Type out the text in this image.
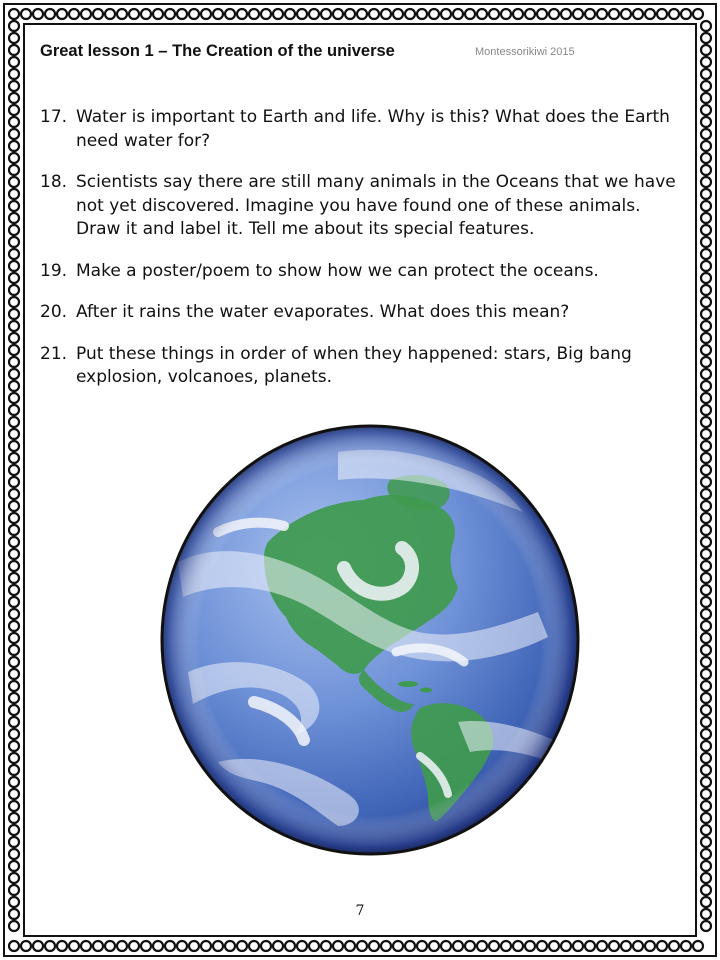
Great lesson 1 – The Creation of the universe	Montessorikiwi 2015
17. Water is important to Earth and life. Why is this? What does the Earth need water for?
18. Scientists say there are still many animals in the Oceans that we have not yet discovered. Imagine you have found one of these animals. Draw it and label it. Tell me about its special features.
19. Make a poster/poem to show how we can protect the oceans.
20. After it rains the water evaporates. What does this mean?
21. Put these things in order of when they happened: stars, Big bang explosion, volcanoes, planets.
7
